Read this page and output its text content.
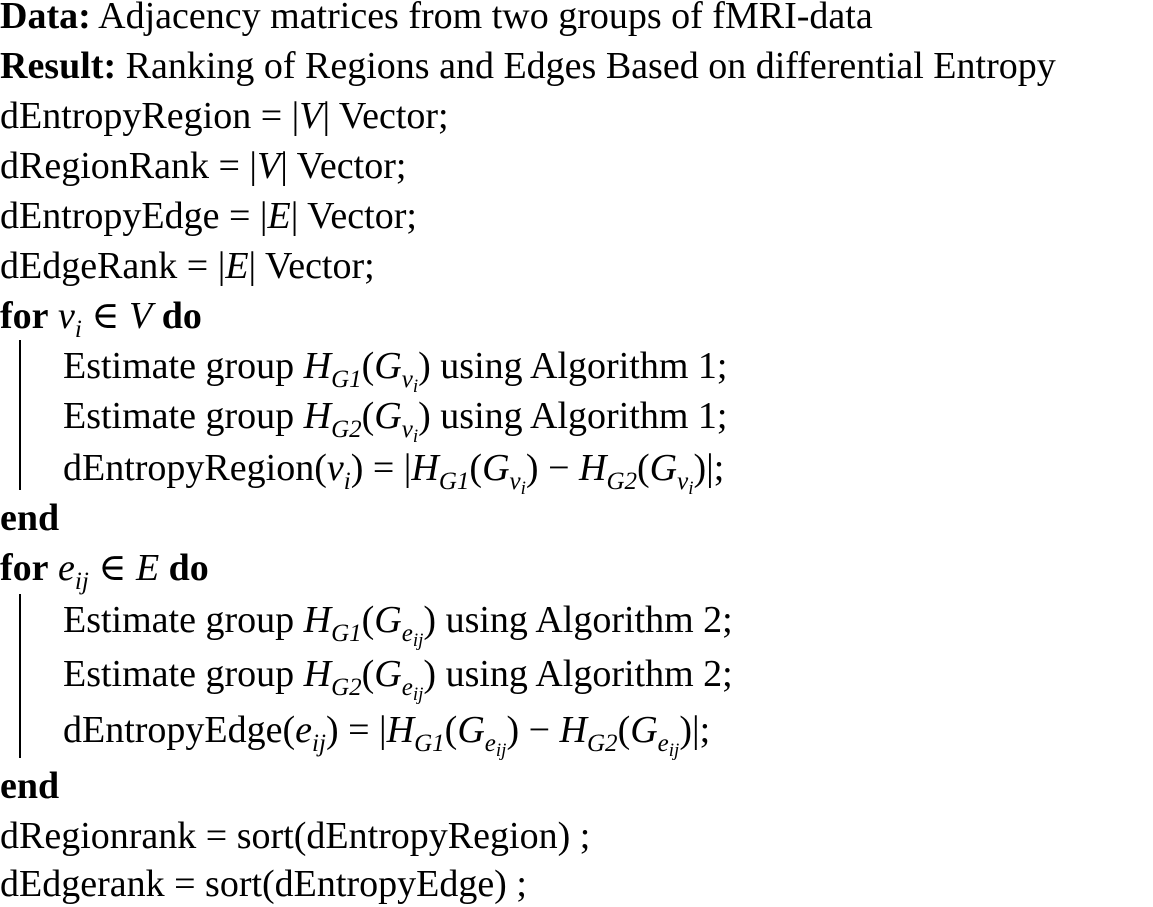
Data: Adjacency matrices from two groups of fMRI-data
Result: Ranking of Regions and Edges Based on differential Entropy
dEntropyRegion = |V| Vector;
dRegionRank = |V| Vector;
dEntropyEdge = |E| Vector;
dEdgeRank = |E| Vector;
for $v_i$ ∈ V do
Estimate group $H_{G1}(G_{v_i})$ using Algorithm 1;
Estimate group $H_{G2}(G_{v_i})$ using Algorithm 1;
$dEntropyRegion(v_i) = |H_{G1}(G_{v_i}) - H_{G2}(G_{v_i})|$;
end
for $e_{ij}$ ∈ E do
Estimate group $H_{G1}(G_{e_{ij}})$ using Algorithm 2;
Estimate group $H_{G2}(G_{e_{ij}})$ using Algorithm 2;
$dEntropyEdge(e_{ij}) = |H_{G1}(G_{e_{ij}}) - H_{G2}(G_{e_{ij}})|$;
end
dRegionrank = sort(dEntropyRegion) ;
dEdgerank = sort(dEntropyEdge) ;
